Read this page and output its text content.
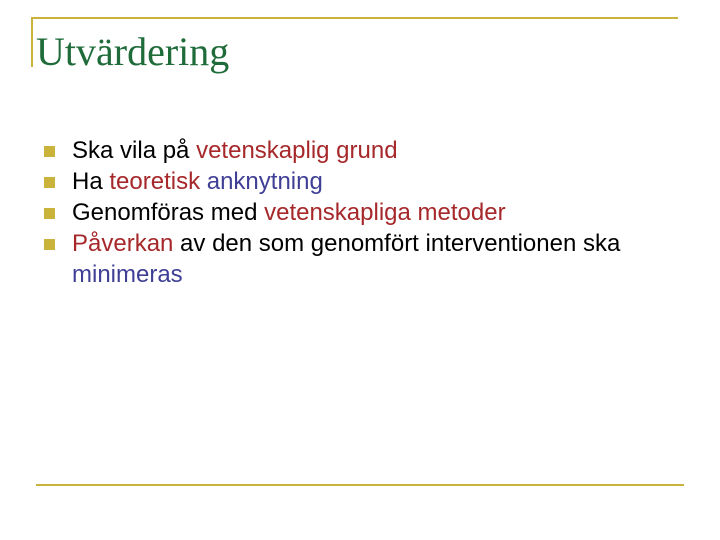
Utvärdering
Ska vila på vetenskaplig grund
Ha teoretisk anknytning
Genomföras med vetenskapliga metoder
Påverkan av den som genomfört interventionen ska minimeras
